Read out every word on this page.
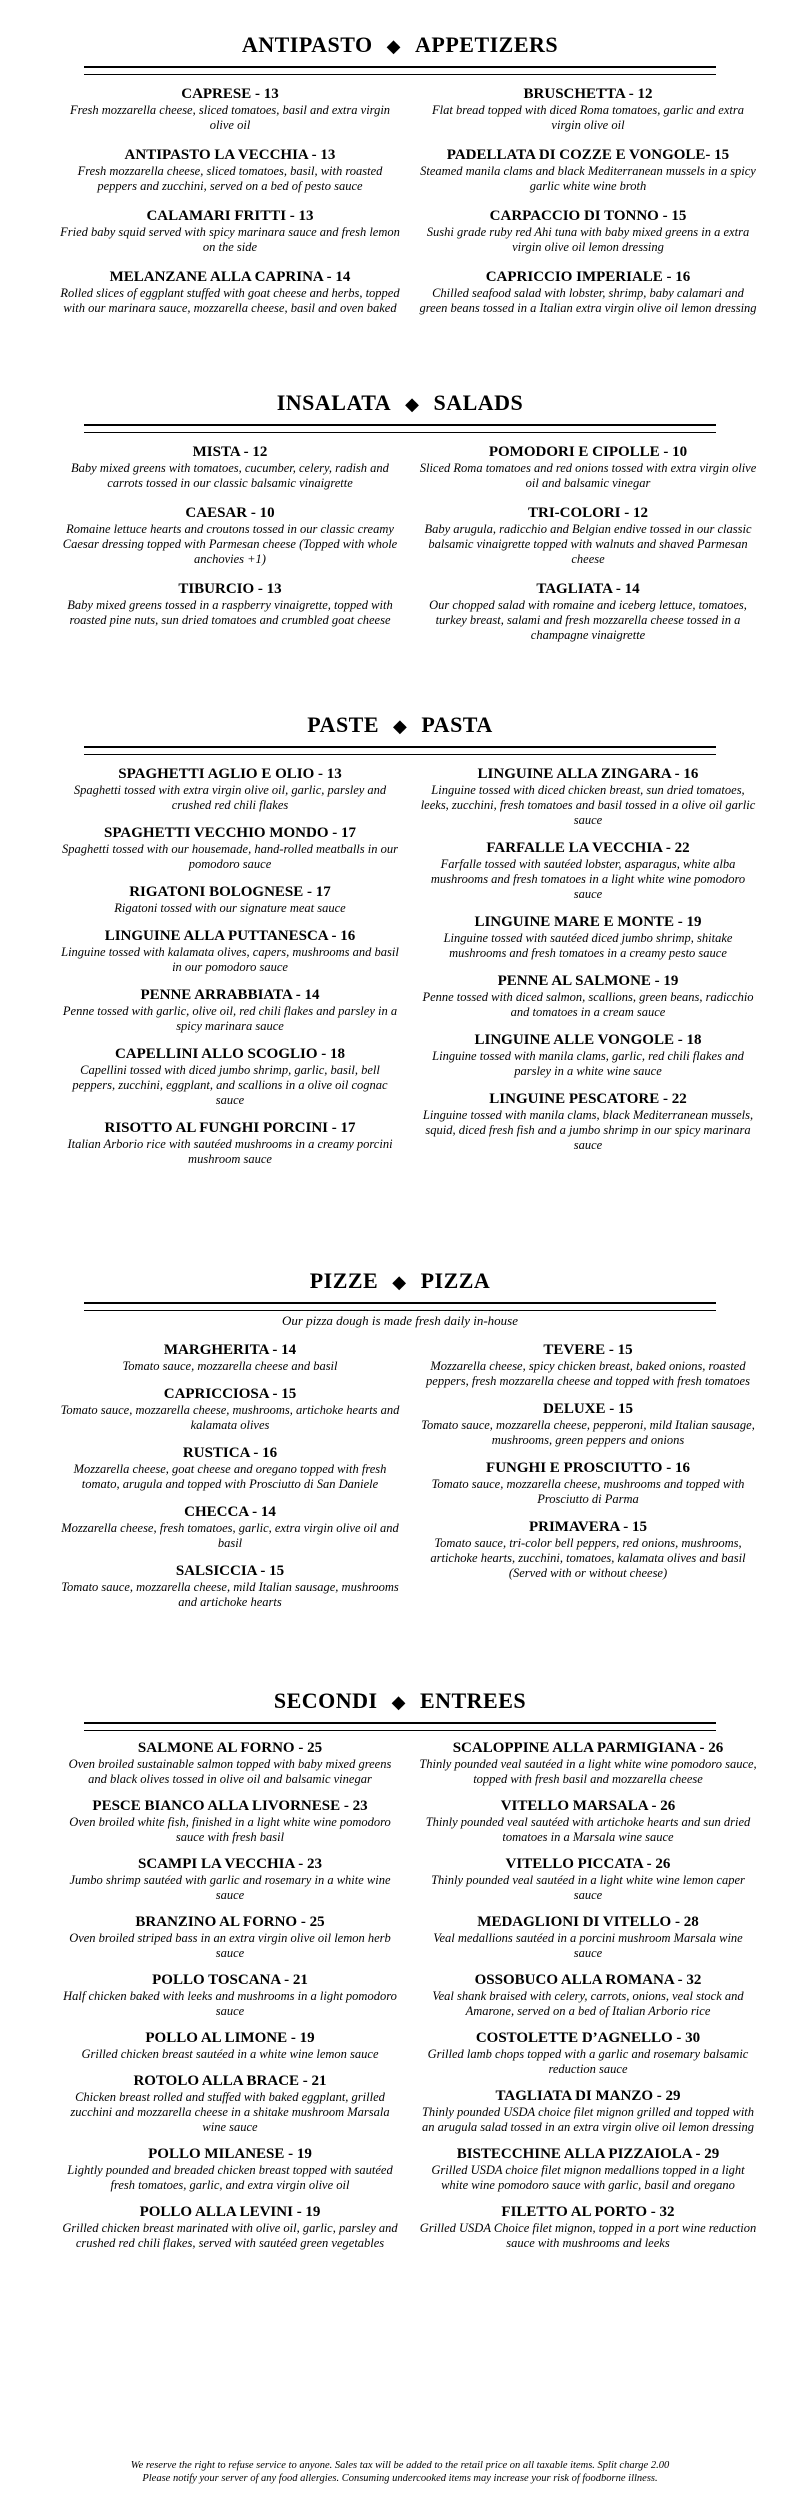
ANTIPASTO ◆ APPETIZERS
CAPRESE - 13
Fresh mozzarella cheese, sliced tomatoes, basil and extra virgin olive oil
ANTIPASTO LA VECCHIA - 13
Fresh mozzarella cheese, sliced tomatoes, basil, with roasted peppers and zucchini, served on a bed of pesto sauce
CALAMARI FRITTI - 13
Fried baby squid served with spicy marinara sauce and fresh lemon on the side
MELANZANE ALLA CAPRINA - 14
Rolled slices of eggplant stuffed with goat cheese and herbs, topped with our marinara sauce, mozzarella cheese, basil and oven baked
BRUSCHETTA - 12
Flat bread topped with diced Roma tomatoes, garlic and extra virgin olive oil
PADELLATA DI COZZE E VONGOLE- 15
Steamed manila clams and black Mediterranean mussels in a spicy garlic white wine broth
CARPACCIO DI TONNO - 15
Sushi grade ruby red Ahi tuna with baby mixed greens in a extra virgin olive oil lemon dressing
CAPRICCIO IMPERIALE - 16
Chilled seafood salad with lobster, shrimp, baby calamari and green beans tossed in a Italian extra virgin olive oil lemon dressing
INSALATA ◆ SALADS
MISTA - 12
Baby mixed greens with tomatoes, cucumber, celery, radish and carrots tossed in our classic balsamic vinaigrette
CAESAR - 10
Romaine lettuce hearts and croutons tossed in our classic creamy Caesar dressing topped with Parmesan cheese (Topped with whole anchovies +1)
TIBURCIO - 13
Baby mixed greens tossed in a raspberry vinaigrette, topped with roasted pine nuts, sun dried tomatoes and crumbled goat cheese
POMODORI E CIPOLLE - 10
Sliced Roma tomatoes and red onions tossed with extra virgin olive oil and balsamic vinegar
TRI-COLORI - 12
Baby arugula, radicchio and Belgian endive tossed in our classic balsamic vinaigrette topped with walnuts and shaved Parmesan cheese
TAGLIATA - 14
Our chopped salad with romaine and iceberg lettuce, tomatoes, turkey breast, salami and fresh mozzarella cheese tossed in a champagne vinaigrette
PASTE ◆ PASTA
SPAGHETTI AGLIO E OLIO - 13
Spaghetti tossed with extra virgin olive oil, garlic, parsley and crushed red chili flakes
SPAGHETTI VECCHIO MONDO - 17
Spaghetti tossed with our housemade, hand-rolled meatballs in our pomodoro sauce
RIGATONI BOLOGNESE - 17
Rigatoni tossed with our signature meat sauce
LINGUINE ALLA PUTTANESCA - 16
Linguine tossed with kalamata olives, capers, mushrooms and basil in our pomodoro sauce
PENNE ARRABBIATA - 14
Penne tossed with garlic, olive oil, red chili flakes and parsley in a spicy marinara sauce
CAPELLINI ALLO SCOGLIO - 18
Capellini tossed with diced jumbo shrimp, garlic, basil, bell peppers, zucchini, eggplant, and scallions in a olive oil cognac sauce
RISOTTO AL FUNGHI PORCINI - 17
Italian Arborio rice with sautéed mushrooms in a creamy porcini mushroom sauce
LINGUINE ALLA ZINGARA - 16
Linguine tossed with diced chicken breast, sun dried tomatoes, leeks, zucchini, fresh tomatoes and basil tossed in a olive oil garlic sauce
FARFALLE LA VECCHIA - 22
Farfalle tossed with sautéed lobster, asparagus, white alba mushrooms and fresh tomatoes in a light white wine pomodoro sauce
LINGUINE MARE E MONTE - 19
Linguine tossed with sautéed diced jumbo shrimp, shitake mushrooms and fresh tomatoes in a creamy pesto sauce
PENNE AL SALMONE - 19
Penne tossed with diced salmon, scallions, green beans, radicchio and tomatoes in a cream sauce
LINGUINE ALLE VONGOLE - 18
Linguine tossed with manila clams, garlic, red chili flakes and parsley in a white wine sauce
LINGUINE PESCATORE - 22
Linguine tossed with manila clams, black Mediterranean mussels, squid, diced fresh fish and a jumbo shrimp in our spicy marinara sauce
PIZZE ◆ PIZZA
Our pizza dough is made fresh daily in-house
MARGHERITA - 14
Tomato sauce, mozzarella cheese and basil
CAPRICCIOSA - 15
Tomato sauce, mozzarella cheese, mushrooms, artichoke hearts and kalamata olives
RUSTICA - 16
Mozzarella cheese, goat cheese and oregano topped with fresh tomato, arugula and topped with Prosciutto di San Daniele
CHECCA - 14
Mozzarella cheese, fresh tomatoes, garlic, extra virgin olive oil and basil
SALSICCIA - 15
Tomato sauce, mozzarella cheese, mild Italian sausage, mushrooms and artichoke hearts
TEVERE - 15
Mozzarella cheese, spicy chicken breast, baked onions, roasted peppers, fresh mozzarella cheese and topped with fresh tomatoes
DELUXE - 15
Tomato sauce, mozzarella cheese, pepperoni, mild Italian sausage, mushrooms, green peppers and onions
FUNGHI E PROSCIUTTO - 16
Tomato sauce, mozzarella cheese, mushrooms and topped with Prosciutto di Parma
PRIMAVERA - 15
Tomato sauce, tri-color bell peppers, red onions, mushrooms, artichoke hearts, zucchini, tomatoes, kalamata olives and basil (Served with or without cheese)
SECONDI ◆ ENTREES
SALMONE AL FORNO - 25
Oven broiled sustainable salmon topped with baby mixed greens and black olives tossed in olive oil and balsamic vinegar
PESCE BIANCO ALLA LIVORNESE - 23
Oven broiled white fish, finished in a light white wine pomodoro sauce with fresh basil
SCAMPI LA VECCHIA - 23
Jumbo shrimp sautéed with garlic and rosemary in a white wine sauce
BRANZINO AL FORNO - 25
Oven broiled striped bass in an extra virgin olive oil lemon herb sauce
POLLO TOSCANA - 21
Half chicken baked with leeks and mushrooms in a light pomodoro sauce
POLLO AL LIMONE - 19
Grilled chicken breast sautéed in a white wine lemon sauce
ROTOLO ALLA BRACE - 21
Chicken breast rolled and stuffed with baked eggplant, grilled zucchini and mozzarella cheese in a shitake mushroom Marsala wine sauce
POLLO MILANESE - 19
Lightly pounded and breaded chicken breast topped with sautéed fresh tomatoes, garlic, and extra virgin olive oil
POLLO ALLA LEVINI - 19
Grilled chicken breast marinated with olive oil, garlic, parsley and crushed red chili flakes, served with sautéed green vegetables
SCALOPPINE ALLA PARMIGIANA - 26
Thinly pounded veal sautéed in a light white wine pomodoro sauce, topped with fresh basil and mozzarella cheese
VITELLO MARSALA - 26
Thinly pounded veal sautéed with artichoke hearts and sun dried tomatoes in a Marsala wine sauce
VITELLO PICCATA - 26
Thinly pounded veal sautéed in a light white wine lemon caper sauce
MEDAGLIONI DI VITELLO - 28
Veal medallions sautéed in a porcini mushroom Marsala wine sauce
OSSOBUCO ALLA ROMANA - 32
Veal shank braised with celery, carrots, onions, veal stock and Amarone, served on a bed of Italian Arborio rice
COSTOLETTE D’AGNELLO - 30
Grilled lamb chops topped with a garlic and rosemary balsamic reduction sauce
TAGLIATA DI MANZO - 29
Thinly pounded USDA choice filet mignon grilled and topped with an arugula salad tossed in an extra virgin olive oil lemon dressing
BISTECCHINE ALLA PIZZAIOLA - 29
Grilled USDA choice filet mignon medallions topped in a light white wine pomodoro sauce with garlic, basil and oregano
FILETTO AL PORTO - 32
Grilled USDA Choice filet mignon, topped in a port wine reduction sauce with mushrooms and leeks
We reserve the right to refuse service to anyone. Sales tax will be added to the retail price on all taxable items. Split charge 2.00
Please notify your server of any food allergies. Consuming undercooked items may increase your risk of foodborne illness.
